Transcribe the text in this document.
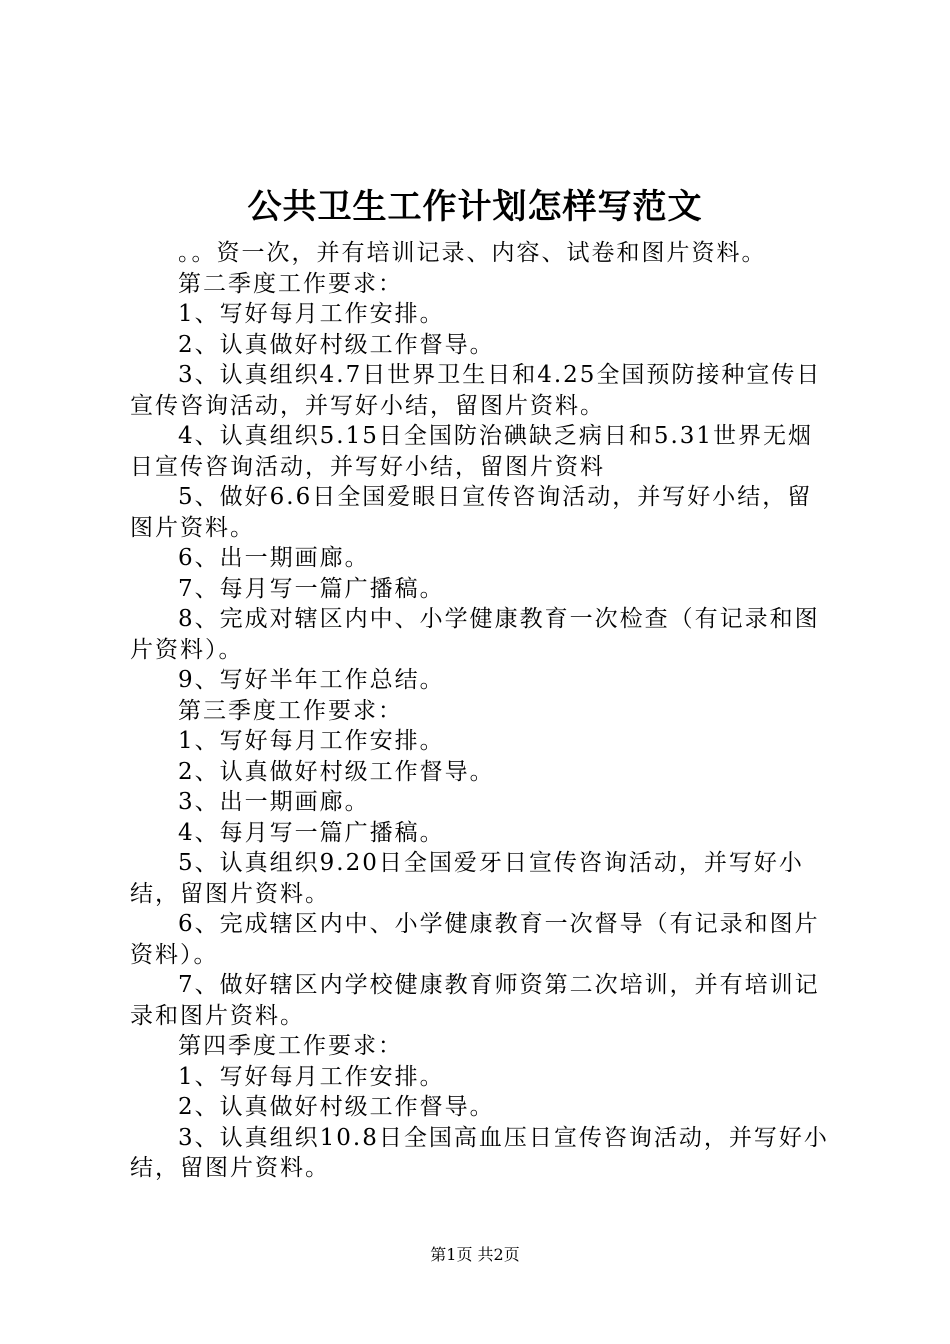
公共卫生工作计划怎样写范文

。。资一次，并有培训记录、内容、试卷和图片资料。

第二季度工作要求：

1、写好每月工作安排。

2、认真做好村级工作督导。

3、认真组织4.7日世界卫生日和4.25全国预防接种宣传日宣传咨询活动，并写好小结，留图片资料。

4、认真组织5.15日全国防治碘缺乏病日和5.31世界无烟日宣传咨询活动，并写好小结，留图片资料

5、做好6.6日全国爱眼日宣传咨询活动，并写好小结，留图片资料。

6、出一期画廊。

7、每月写一篇广播稿。

8、完成对辖区内中、小学健康教育一次检查（有记录和图片资料）。

9、写好半年工作总结。

第三季度工作要求：

1、写好每月工作安排。

2、认真做好村级工作督导。

3、出一期画廊。

4、每月写一篇广播稿。

5、认真组织9.20日全国爱牙日宣传咨询活动，并写好小结，留图片资料。

6、完成辖区内中、小学健康教育一次督导（有记录和图片资料）。

7、做好辖区内学校健康教育师资第二次培训，并有培训记录和图片资料。

第四季度工作要求：

1、写好每月工作安排。

2、认真做好村级工作督导。

3、认真组织10.8日全国高血压日宣传咨询活动，并写好小结，留图片资料。

第1页 共2页
